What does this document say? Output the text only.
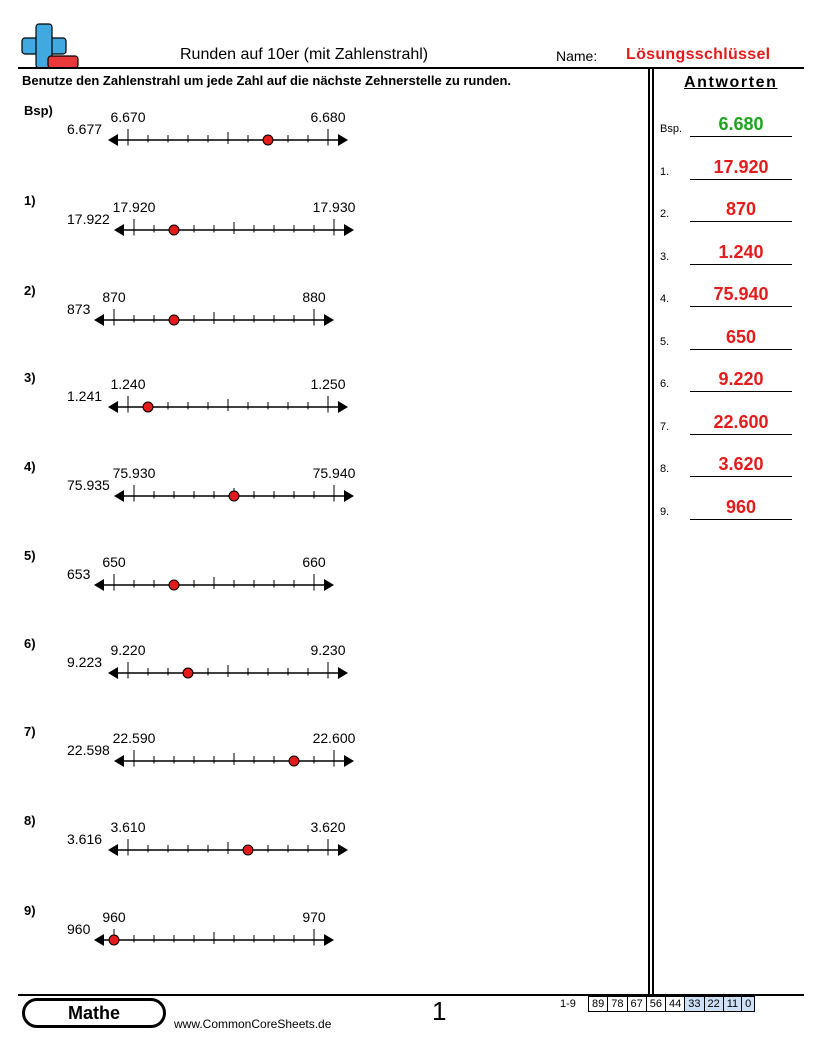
Runden auf 10er (mit Zahlenstrahl)	Name: Lösungsschlüssel
Benutze den Zahlenstrahl um jede Zahl auf die nächste Zehnerstelle zu runden.	Antworten
Bsp.	6.680
1.	17.920
2.	870
3.	1.240
4.	75.940
5.	650
6.	9.220
7.	22.600
8.	3.620
9.	960
Bsp)
6.677
6.670	6.680
1)
17.922
17.920	17.930
2)
873
870	880
3)
1.241
1.240	1.250
4)
75.935
75.930	75.940
5)
653
650	660
6)
9.223
9.220	9.230
7)
22.598
22.590	22.600
8)
3.616
3.610	3.620
9)
960
960	970
Mathe
www.CommonCoreSheets.de	1	1-9 89	78	67	56	44	33	22	11	0
